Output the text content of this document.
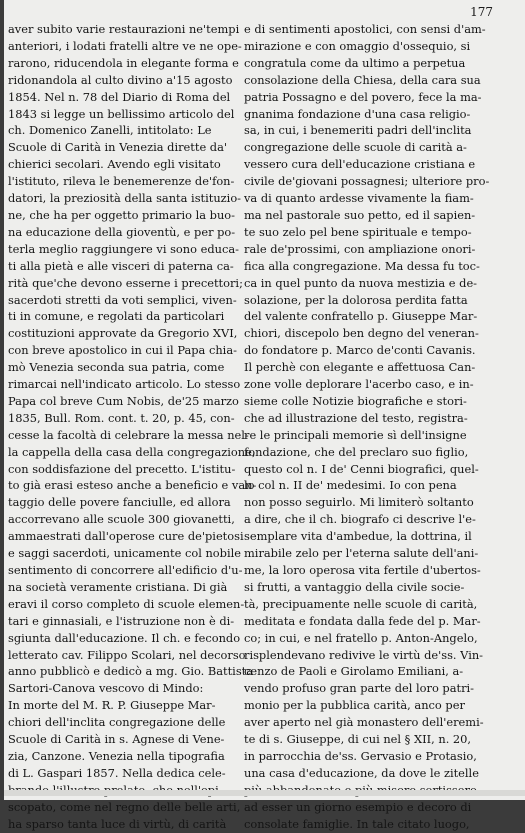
177
aver subito varie restaurazioni ne'tempi
anteriori, i lodati fratelli altre ve ne ope-
rarono, riducendola in elegante forma e
ridonandola al culto divino a'15 agosto
1854. Nel n. 78 del Diario di Roma del
1843 si legge un bellissimo articolo del
ch. Domenico Zanelli, intitolato: Le
Scuole di Carità in Venezia dirette da'
chierici secolari. Avendo egli visitato
l'istituto, rileva le benemerenze de'fon-
datori, la preziosità della santa istituzio-
ne, che ha per oggetto primario la buo-
na educazione della gioventù, e per po-
terla meglio raggiungere vi sono educa-
ti alla pietà e alle visceri di paterna ca-
rità que'che devono esserne i precettori;
sacerdoti stretti da voti semplici, viven-
ti in comune, e regolati da particolari
costituzioni approvate da Gregorio XVI,
con breve apostolico in cui il Papa chia-
mò Venezia seconda sua patria, come
rimarcai nell'indicato articolo. Lo stesso
Papa col breve Cum Nobis, de'25 marzo
1835, Bull. Rom. cont. t. 20, p. 45, con-
cesse la facoltà di celebrare la messa nel-
la cappella della casa della congregazione,
con soddisfazione del precetto. L'istitu-
to già erasi esteso anche a beneficio e van-
taggio delle povere fanciulle, ed allora
accorrevano alle scuole 300 giovanetti,
ammaestrati dall'operose cure de'pietosi
e saggi sacerdoti, unicamente col nobile
sentimento di concorrere all'edificio d'u-
na società veramente cristiana. Di già
eravi il corso completo di scuole elemen-
tari e ginnasiali, e l'istruzione non è di-
sgiunta dall'educazione. Il ch. e fecondo
letterato cav. Filippo Scolari, nel decorso
anno pubblicò e dedicò a mg. Gio. Battista
Sartori-Canova vescovo di Mindo:
In morte del M. R. P. Giuseppe Mar-
chiori dell'inclita congregazione delle
Scuole di Carità in s. Agnese di Vene-
zia, Canzone. Venezia nella tipografia
di L. Gaspari 1857. Nella dedica cele-
scopato, come nel regno delle belle arti,
ha sparso tanta luce di virtù, di carità
e di sentimenti apostolici, con sensi d'am-
mirazione e con omaggio d'ossequio, si
congratula come da ultimo a perpetua
consolazione della Chiesa, della cara sua
patria Possagno e del povero, fece la ma-
gnanima fondazione d'una casa religio-
sa, in cui, i benemeriti padri dell'inclita
congregazione delle scuole di carità a-
vessero cura dell'educazione cristiana e
civile de'giovani possagnesi; ulteriore pro-
va di quanto ardesse vivamente la fiam-
ma nel pastorale suo petto, ed il sapien-
te suo zelo pel bene spirituale e tempo-
rale de'prossimi, con ampliazione onori-
fica alla congregazione. Ma dessa fu toc-
ca in quel punto da nuova mestizia e de-
solazione, per la dolorosa perdita fatta
del valente confratello p. Giuseppe Mar-
chiori, discepolo ben degno del veneran-
do fondatore p. Marco de'conti Cavanis.
Il perchè con elegante e affettuosa Can-
zone volle deplorare l'acerbo caso, e in-
sieme colle Notizie biografiche e stori-
che ad illustrazione del testo, registra-
re le principali memorie sì dell'insigne
fondazione, che del preclaro suo figlio,
questo col n. I de' Cenni biografici, quel-
lo col n. II de' medesimi. Io con pena
non posso seguirlo. Mi limiterò soltanto
a dire, che il ch. biografo ci descrive l'e-
semplare vita d'ambedue, la dottrina, il
mirabile zelo per l'eterna salute dell'ani-
me, la loro operosa vita fertile d'ubertos-
si frutti, a vantaggio della civile socie-
tà, precipuamente nelle scuole di carità,
meditata e fondata dalla fede del p. Mar-
co; in cui, e nel fratello p. Anton-Angelo,
risplendevano redivive le virtù de'ss. Vin-
cenzo de Paoli e Girolamo Emiliani, a-
vendo profuso gran parte del loro patri-
monio per la pubblica carità, anco per
aver aperto nel già monastero dell'eremi-
te di s. Giuseppe, di cui nel § XII, n. 20,
in parrocchia de'ss. Gervasio e Protasio,
una casa d'educazione, da dove le zitelle
ad esser un giorno esempio e decoro di
consolate famiglie. In tale citato luogo,
